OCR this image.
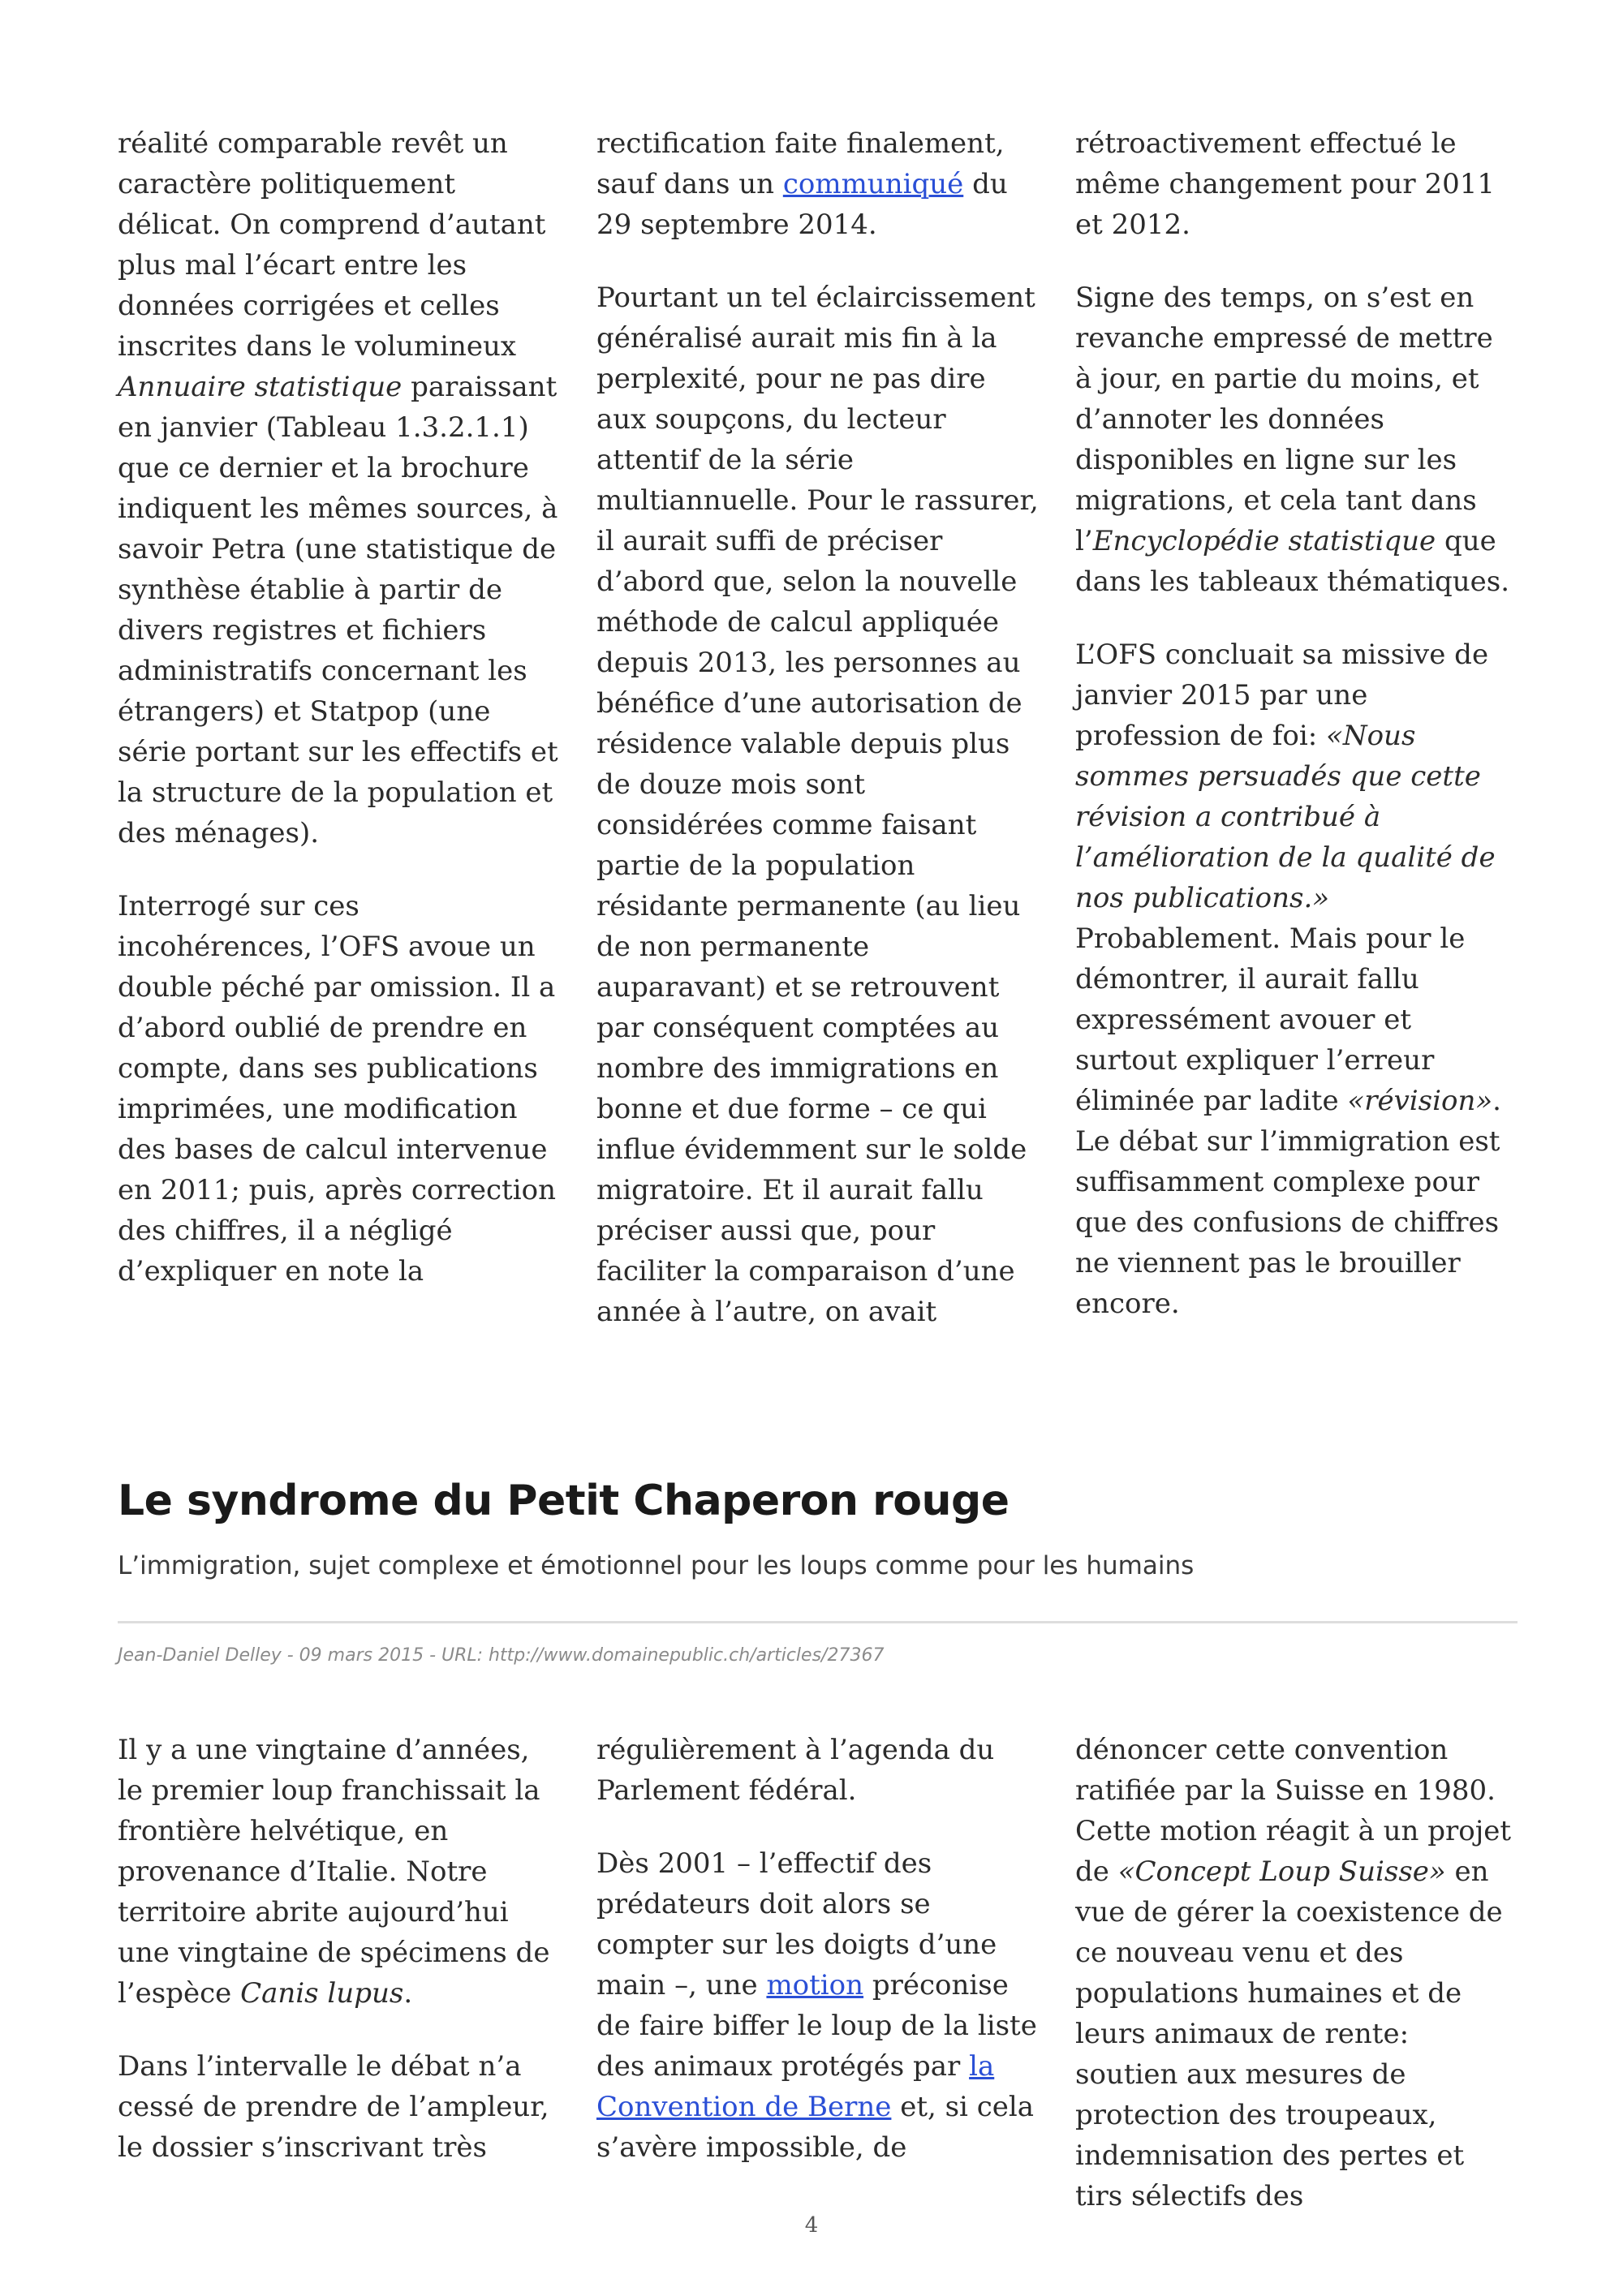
réalité comparable revêt un caractère politiquement délicat. On comprend d’autant plus mal l’écart entre les données corrigées et celles inscrites dans le volumineux Annuaire statistique paraissant en janvier (Tableau 1.3.2.1.1) que ce dernier et la brochure indiquent les mêmes sources, à savoir Petra (une statistique de synthèse établie à partir de divers registres et fichiers administratifs concernant les étrangers) et Statpop (une série portant sur les effectifs et la structure de la population et des ménages).

Interrogé sur ces incohérences, l’OFS avoue un double péché par omission. Il a d’abord oublié de prendre en compte, dans ses publications imprimées, une modification des bases de calcul intervenue en 2011; puis, après correction des chiffres, il a négligé d’expliquer en note la

rectification faite finalement, sauf dans un communiqué du 29 septembre 2014.

Pourtant un tel éclaircissement généralisé aurait mis fin à la perplexité, pour ne pas dire aux soupçons, du lecteur attentif de la série multiannuelle. Pour le rassurer, il aurait suffi de préciser d’abord que, selon la nouvelle méthode de calcul appliquée depuis 2013, les personnes au bénéfice d’une autorisation de résidence valable depuis plus de douze mois sont considérées comme faisant partie de la population résidante permanente (au lieu de non permanente auparavant) et se retrouvent par conséquent comptées au nombre des immigrations en bonne et due forme – ce qui influe évidemment sur le solde migratoire. Et il aurait fallu préciser aussi que, pour faciliter la comparaison d’une année à l’autre, on avait

rétroactivement effectué le même changement pour 2011 et 2012.

Signe des temps, on s’est en revanche empressé de mettre à jour, en partie du moins, et d’annoter les données disponibles en ligne sur les migrations, et cela tant dans l’Encyclopédie statistique que dans les tableaux thématiques.

L’OFS concluait sa missive de janvier 2015 par une profession de foi: «Nous sommes persuadés que cette révision a contribué à l’amélioration de la qualité de nos publications.» Probablement. Mais pour le démontrer, il aurait fallu expressément avouer et surtout expliquer l’erreur éliminée par ladite «révision». Le débat sur l’immigration est suffisamment complexe pour que des confusions de chiffres ne viennent pas le brouiller encore.

Le syndrome du Petit Chaperon rouge

L’immigration, sujet complexe et émotionnel pour les loups comme pour les humains

Jean-Daniel Delley - 09 mars 2015 - URL: http://www.domainepublic.ch/articles/27367

Il y a une vingtaine d’années, le premier loup franchissait la frontière helvétique, en provenance d’Italie. Notre territoire abrite aujourd’hui une vingtaine de spécimens de l’espèce Canis lupus.

Dans l’intervalle le débat n’a cessé de prendre de l’ampleur, le dossier s’inscrivant très

régulièrement à l’agenda du Parlement fédéral.

Dès 2001 – l’effectif des prédateurs doit alors se compter sur les doigts d’une main –, une motion préconise de faire biffer le loup de la liste des animaux protégés par la Convention de Berne et, si cela s’avère impossible, de

dénoncer cette convention ratifiée par la Suisse en 1980. Cette motion réagit à un projet de «Concept Loup Suisse» en vue de gérer la coexistence de ce nouveau venu et des populations humaines et de leurs animaux de rente: soutien aux mesures de protection des troupeaux, indemnisation des pertes et tirs sélectifs des

4
